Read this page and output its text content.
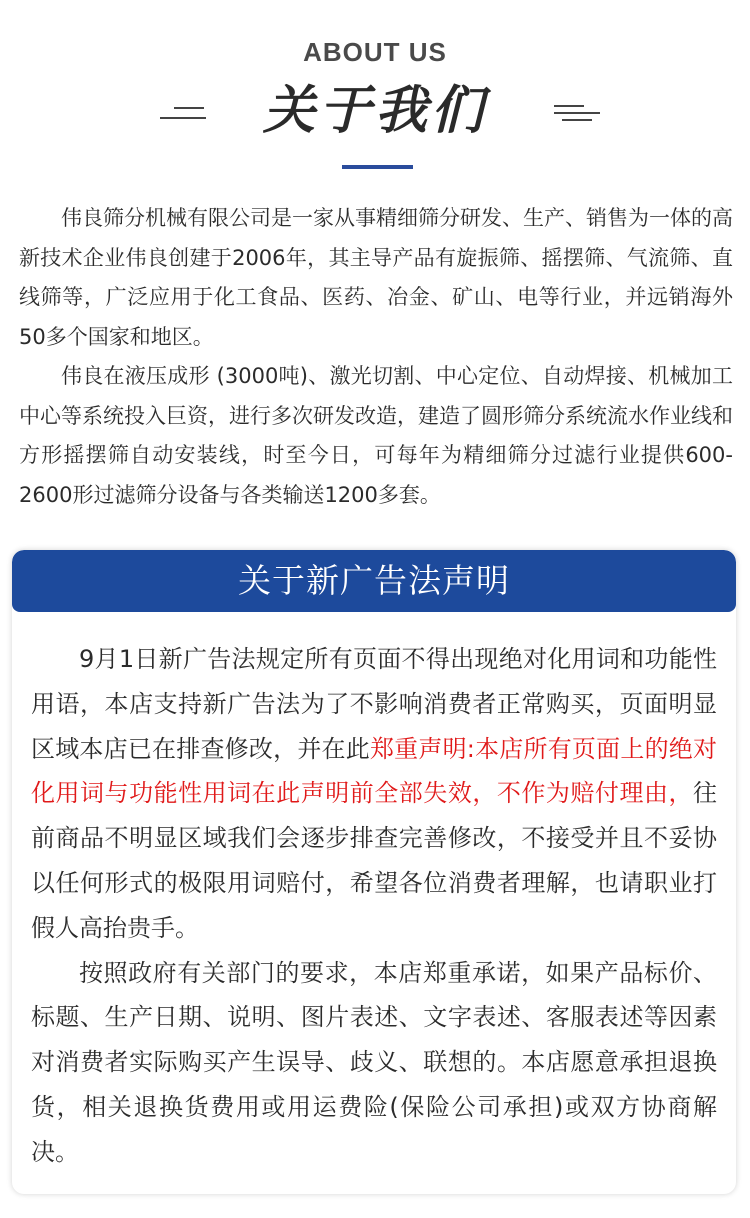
ABOUT US
关于我们

伟良筛分机械有限公司是一家从事精细筛分研发、生产、销售为一体的高新技术企业伟良创建于2006年，其主导产品有旋振筛、摇摆筛、气流筛、直线筛等，广泛应用于化工食品、医药、冶金、矿山、电等行业，并远销海外50多个国家和地区。

伟良在液压成形 (3000吨)、激光切割、中心定位、自动焊接、机械加工中心等系统投入巨资，进行多次研发改造，建造了圆形筛分系统流水作业线和方形摇摆筛自动安装线，时至今日，可每年为精细筛分过滤行业提供600-2600形过滤筛分设备与各类输送1200多套。

关于新广告法声明

9月1日新广告法规定所有页面不得出现绝对化用词和功能性用语，本店支持新广告法为了不影响消费者正常购买，页面明显区域本店已在排查修改，并在此郑重声明:本店所有页面上的绝对化用词与功能性用词在此声明前全部失效，不作为赔付理由，往前商品不明显区域我们会逐步排查完善修改，不接受并且不妥协以任何形式的极限用词赔付，希望各位消费者理解，也请职业打假人高抬贵手。

按照政府有关部门的要求，本店郑重承诺，如果产品标价、标题、生产日期、说明、图片表述、文字表述、客服表述等因素对消费者实际购买产生误导、歧义、联想的。本店愿意承担退换货，相关退换货费用或用运费险(保险公司承担)或双方协商解决。
